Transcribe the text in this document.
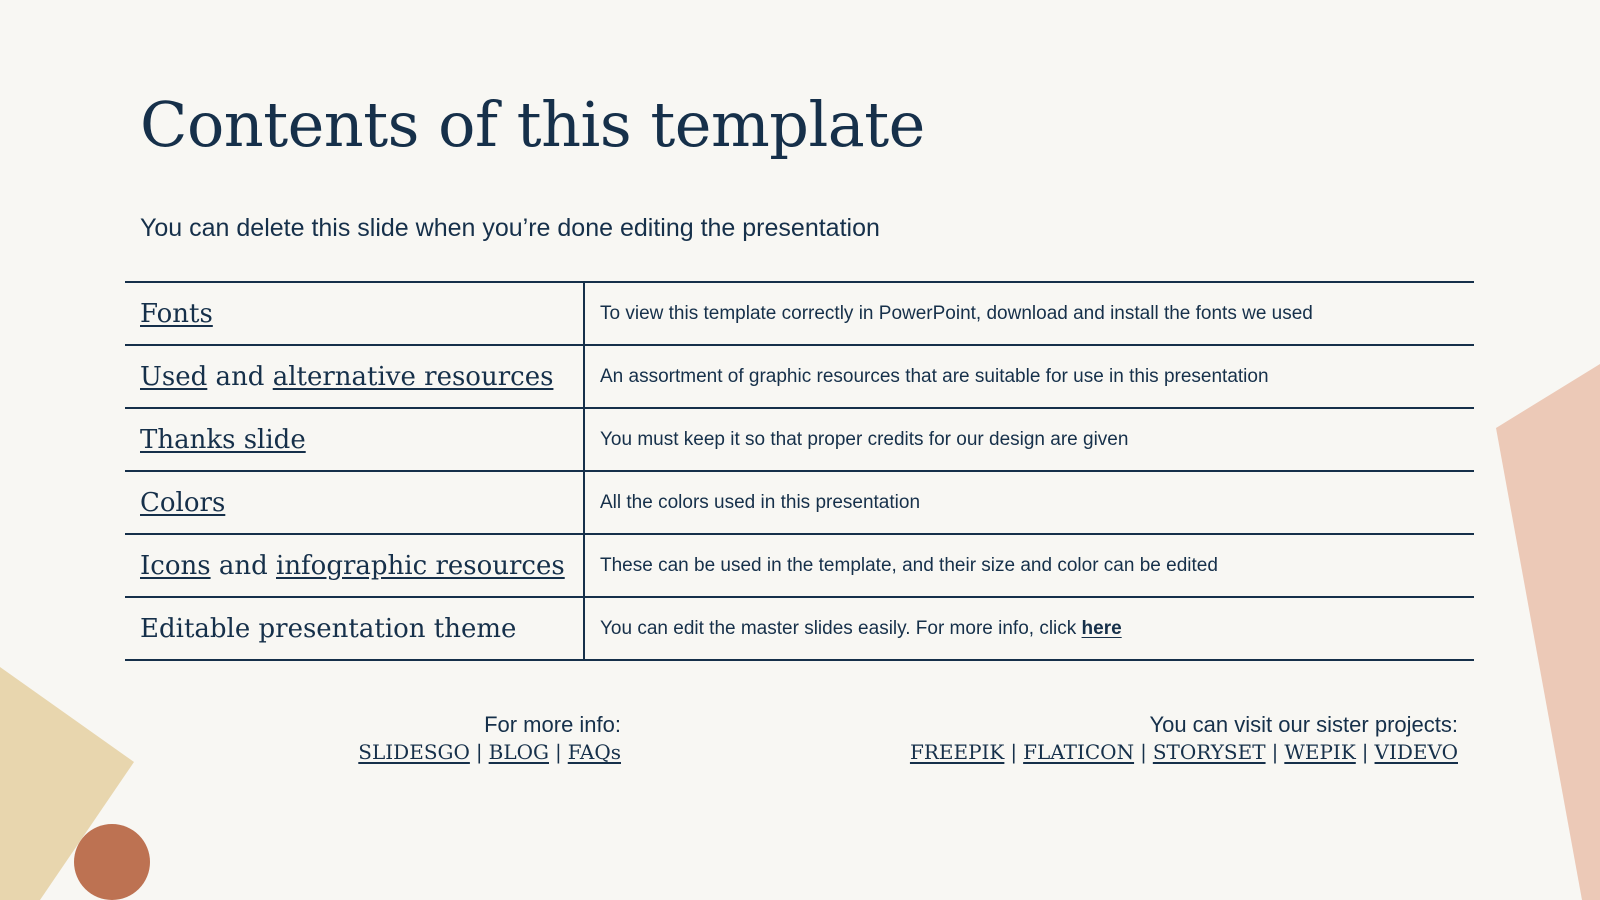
Contents of this template

You can delete this slide when you’re done editing the presentation

Fonts	To view this template correctly in PowerPoint, download and install the fonts we used
Used and alternative resources	An assortment of graphic resources that are suitable for use in this presentation
Thanks slide	You must keep it so that proper credits for our design are given
Colors	All the colors used in this presentation
Icons and infographic resources	These can be used in the template, and their size and color can be edited
Editable presentation theme	You can edit the master slides easily. For more info, click here
For more info:
SLIDESGO | BLOG | FAQs
You can visit our sister projects:
FREEPIK | FLATICON | STORYSET | WEPIK | VIDEVO
